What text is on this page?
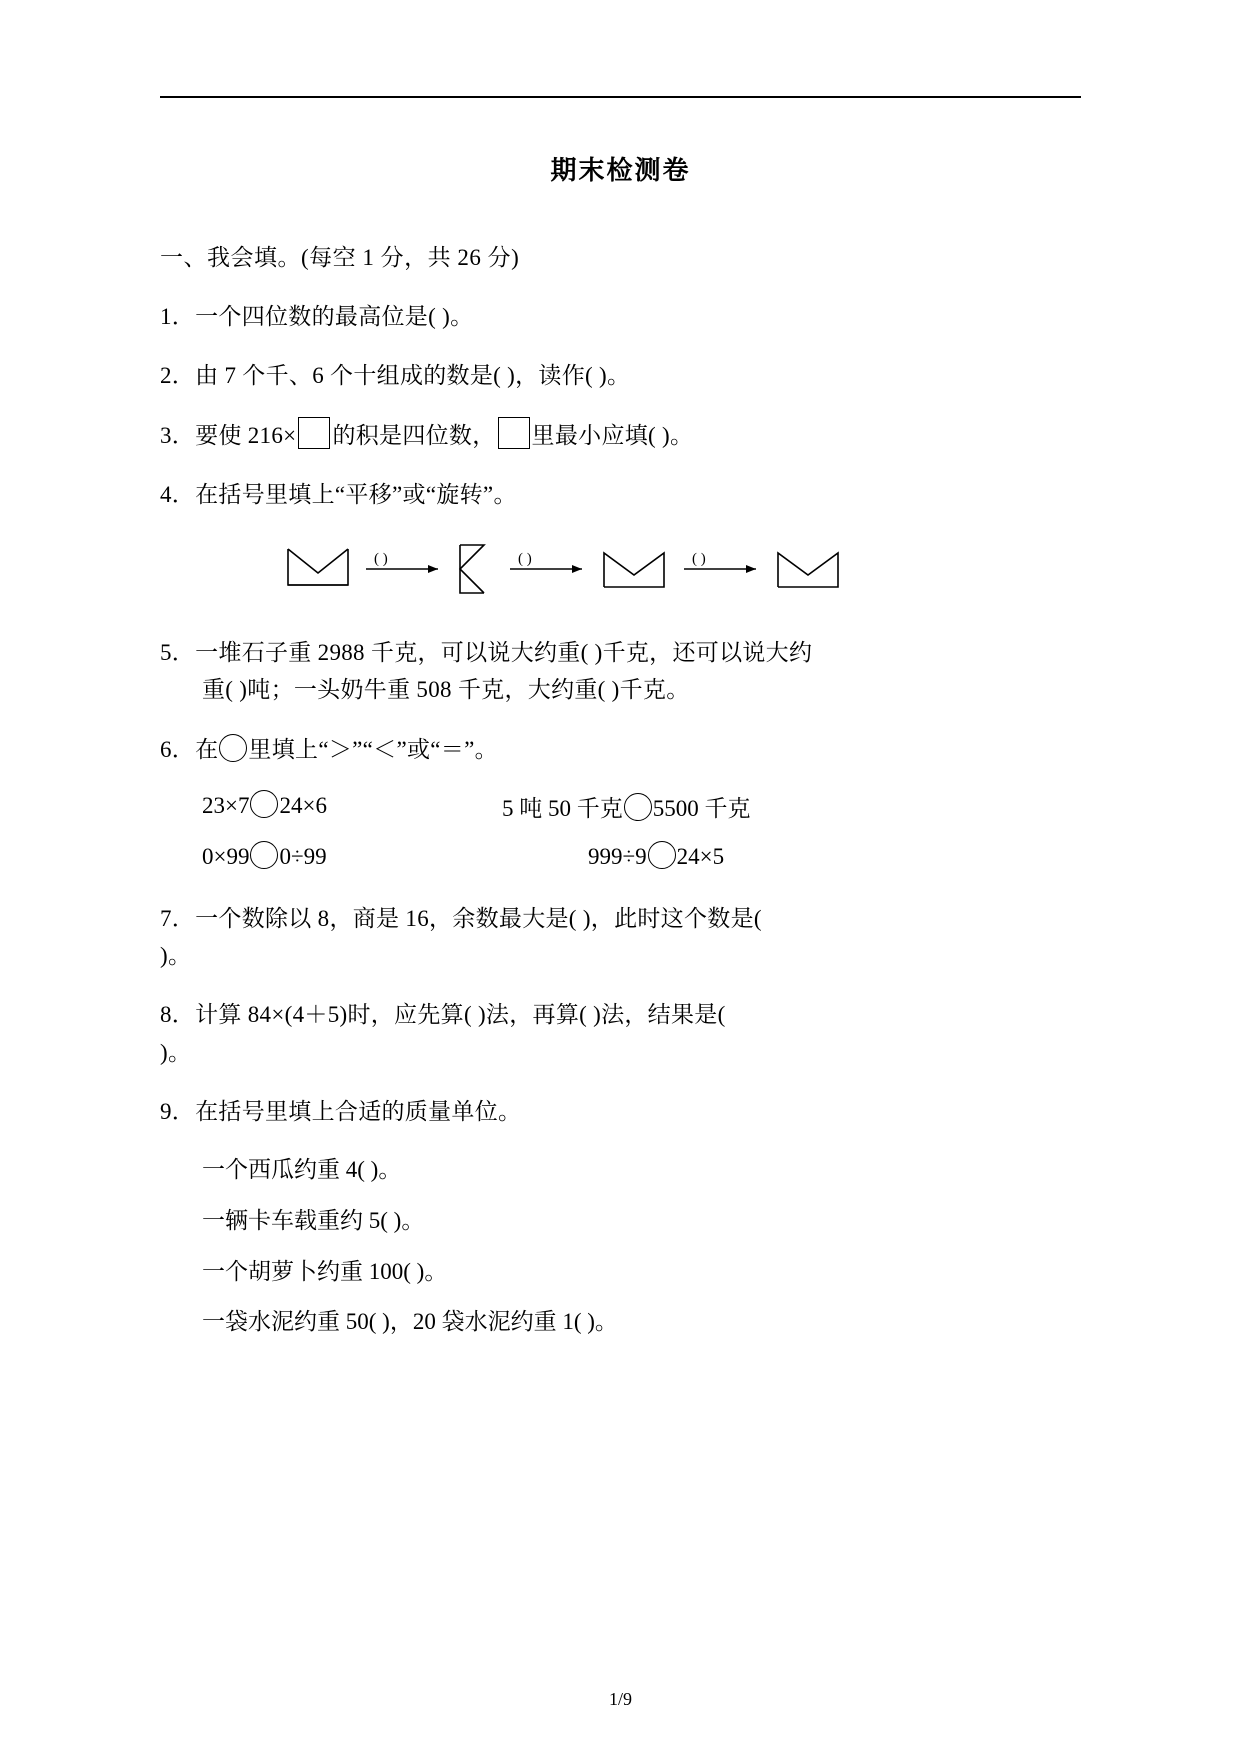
期末检测卷
一、我会填。(每空 1 分，共 26 分)
1．一个四位数的最高位是( )。
2．由 7 个千、6 个十组成的数是( )，读作( )。
3．要使 216× 的积是四位数， 里最小应填( )。
4．在括号里填上“平移”或“旋转”。
( )	( )	( )
5．一堆石子重 2988 千克，可以说大约重( )千克，还可以说大约
重( )吨；一头奶牛重 508 千克，大约重( )千克。
6．在 里填上“＞”“＜”或“＝”。
23×7 24×6	5 吨 50 千克 5500 千克
0×99 0÷99	999÷9 24×5
7．一个数除以 8，商是 16，余数最大是( )，此时这个数是(
)。
8．计算 84×(4＋5)时，应先算( )法，再算( )法，结果是(
)。
9．在括号里填上合适的质量单位。
一个西瓜约重 4( )。
一辆卡车载重约 5( )。
一个胡萝卜约重 100( )。
一袋水泥约重 50( )，20 袋水泥约重 1( )。
1/9
